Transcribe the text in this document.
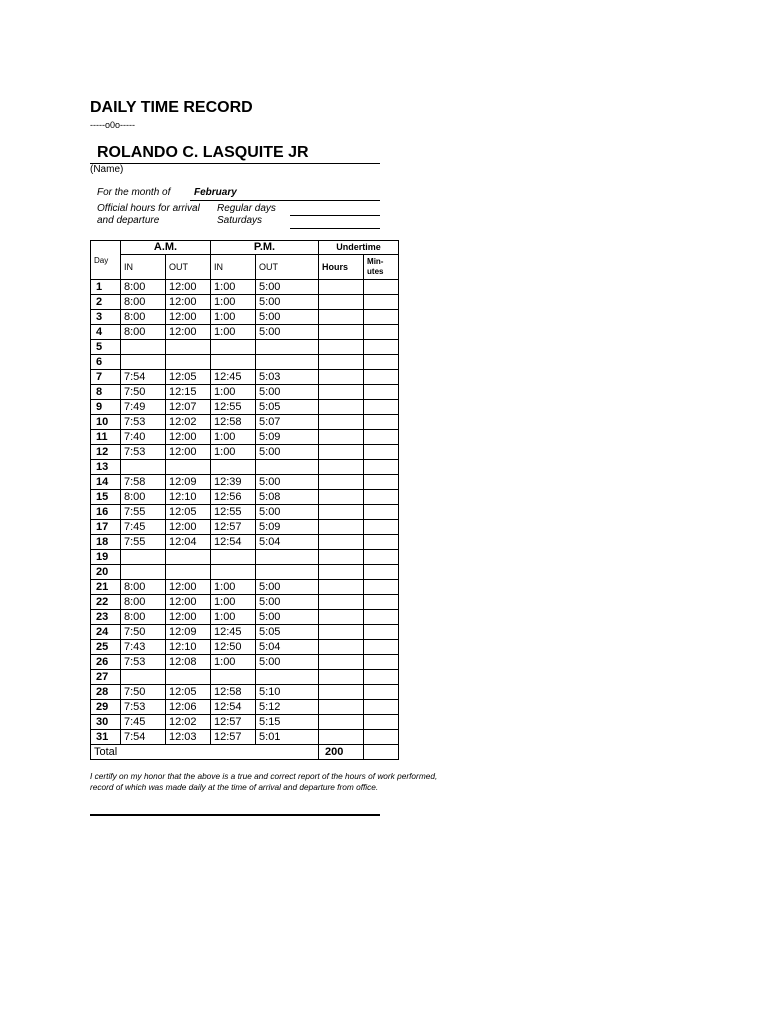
DAILY TIME RECORD
-----o0o-----
ROLANDO C. LASQUITE JR
(Name)
For the month of February
Official hours for arrival
and departure
Regular days
Saturdays
Day	A.M.		P.M.		Undertime	
	IN	OUT	IN	OUT	Hours	Min-
utes
1	8:00	12:00	1:00	5:00		
2	8:00	12:00	1:00	5:00		
3	8:00	12:00	1:00	5:00		
4	8:00	12:00	1:00	5:00		
5						
6						
7	7:54	12:05	12:45	5:03		
8	7:50	12:15	1:00	5:00		
9	7:49	12:07	12:55	5:05		
10	7:53	12:02	12:58	5:07		
11	7:40	12:00	1:00	5:09		
12	7:53	12:00	1:00	5:00		
13						
14	7:58	12:09	12:39	5:00		
15	8:00	12:10	12:56	5:08		
16	7:55	12:05	12:55	5:00		
17	7:45	12:00	12:57	5:09		
18	7:55	12:04	12:54	5:04		
19						
20						
21	8:00	12:00	1:00	5:00		
22	8:00	12:00	1:00	5:00		
23	8:00	12:00	1:00	5:00		
24	7:50	12:09	12:45	5:05		
25	7:43	12:10	12:50	5:04		
26	7:53	12:08	1:00	5:00		
27						
28	7:50	12:05	12:58	5:10		
29	7:53	12:06	12:54	5:12		
30	7:45	12:02	12:57	5:15		
31	7:54	12:03	12:57	5:01		
Total					200	
I certify on my honor that the above is a true and correct report of the hours of work performed,
record of which was made daily at the time of arrival and departure from office.
